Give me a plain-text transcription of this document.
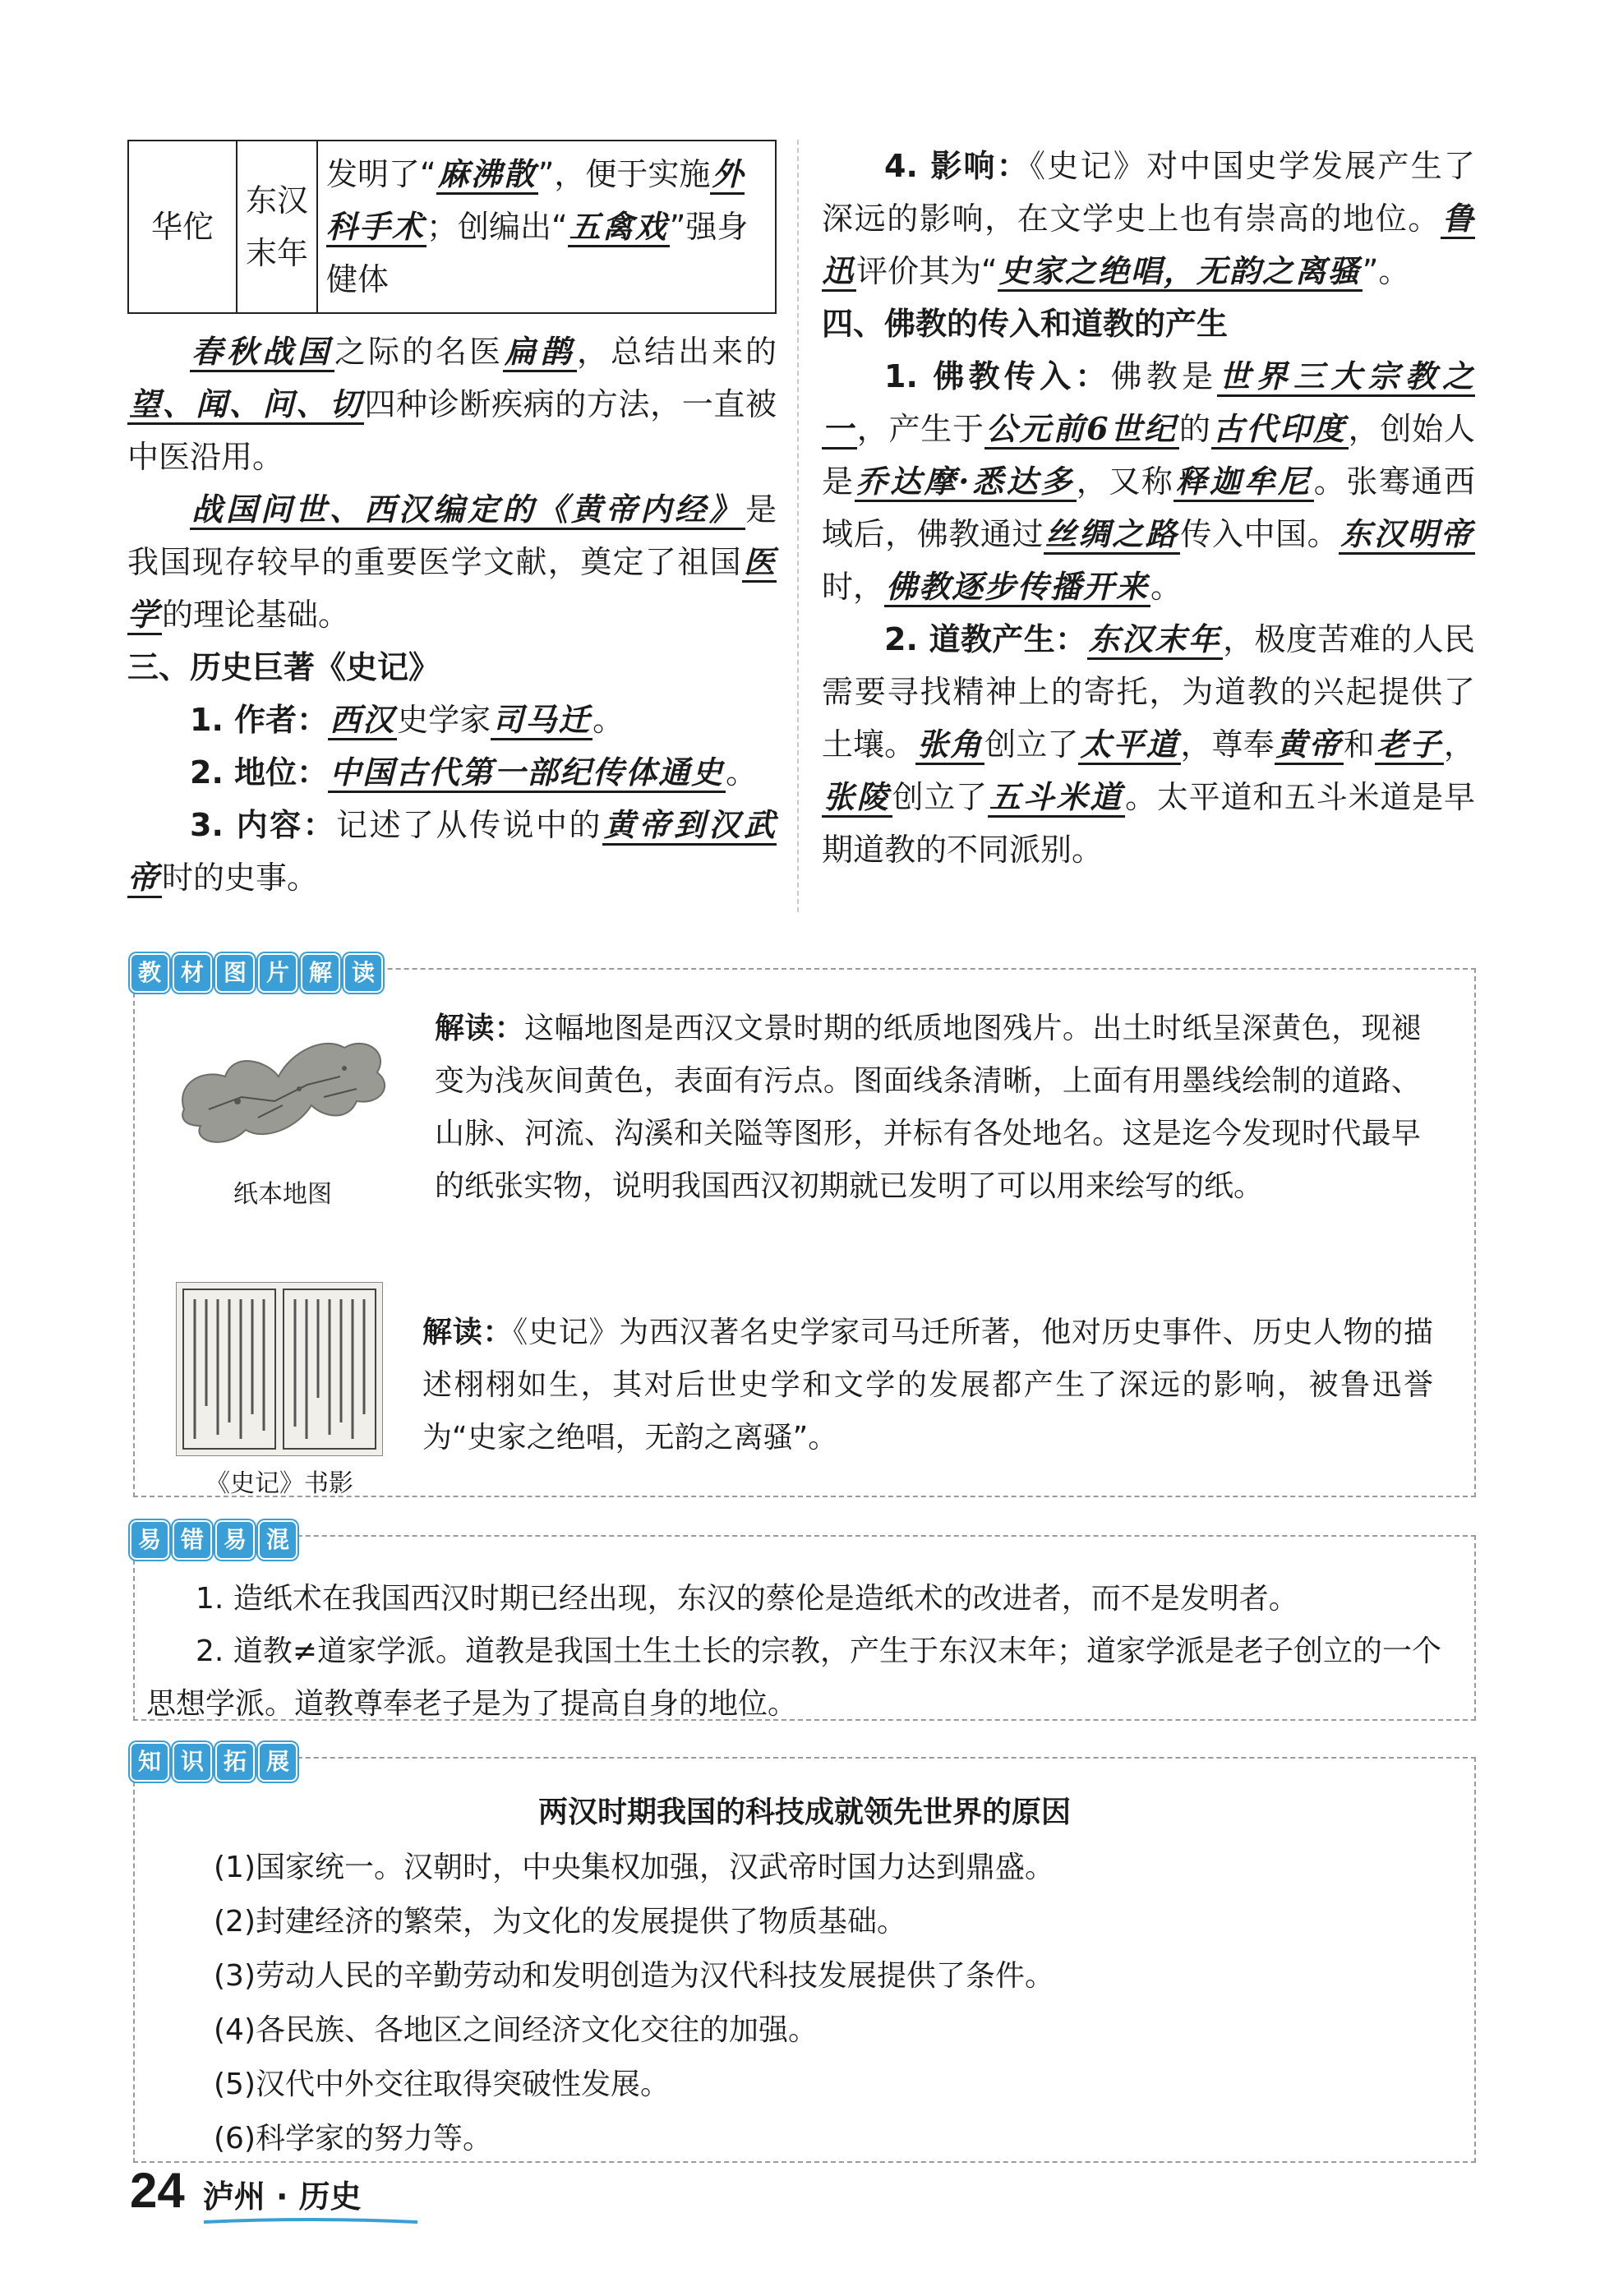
华佗	东汉末年	发明了“麻沸散”，便于实施外科手术；创编出“五禽戏”强身健体

春秋战国之际的名医扁鹊，总结出来的望、闻、问、切四种诊断疾病的方法，一直被中医沿用。

战国问世、西汉编定的《黄帝内经》是我国现存较早的重要医学文献，奠定了祖国医学的理论基础。

三、历史巨著《史记》

1. 作者：西汉史学家司马迁。

2. 地位：中国古代第一部纪传体通史。

3. 内容：记述了从传说中的黄帝到汉武帝时的史事。

4. 影响：《史记》对中国史学发展产生了深远的影响，在文学史上也有崇高的地位。鲁迅评价其为“史家之绝唱，无韵之离骚”。

四、佛教的传入和道教的产生

1. 佛教传入：佛教是世界三大宗教之一，产生于公元前6世纪的古代印度，创始人是乔达摩·悉达多，又称释迦牟尼。张骞通西域后，佛教通过丝绸之路传入中国。东汉明帝时，佛教逐步传播开来。

2. 道教产生：东汉末年，极度苦难的人民需要寻找精神上的寄托，为道教的兴起提供了土壤。张角创立了太平道，尊奉黄帝和老子，张陵创立了五斗米道。太平道和五斗米道是早期道教的不同派别。

教 材 图 片 解 读
纸本地图

解读：这幅地图是西汉文景时期的纸质地图残片。出土时纸呈深黄色，现褪变为浅灰间黄色，表面有污点。图面线条清晰，上面有用墨线绘制的道路、山脉、河流、沟溪和关隘等图形，并标有各处地名。这是迄今发现时代最早的纸张实物，说明我国西汉初期就已发明了可以用来绘写的纸。

《史记》书影

解读：《史记》为西汉著名史学家司马迁所著，他对历史事件、历史人物的描述栩栩如生，其对后世史学和文学的发展都产生了深远的影响，被鲁迅誉为“史家之绝唱，无韵之离骚”。

易 错 易 混

1. 造纸术在我国西汉时期已经出现，东汉的蔡伦是造纸术的改进者，而不是发明者。
2. 道教≠道家学派。道教是我国土生土长的宗教，产生于东汉末年；道家学派是老子创立的一个思想学派。道教尊奉老子是为了提高自身的地位。

知 识 拓 展
两汉时期我国的科技成就领先世界的原因
(1)国家统一。汉朝时，中央集权加强，汉武帝时国力达到鼎盛。
(2)封建经济的繁荣，为文化的发展提供了物质基础。
(3)劳动人民的辛勤劳动和发明创造为汉代科技发展提供了条件。
(4)各民族、各地区之间经济文化交往的加强。
(5)汉代中外交往取得突破性发展。
(6)科学家的努力等。
24 泸州 · 历史
